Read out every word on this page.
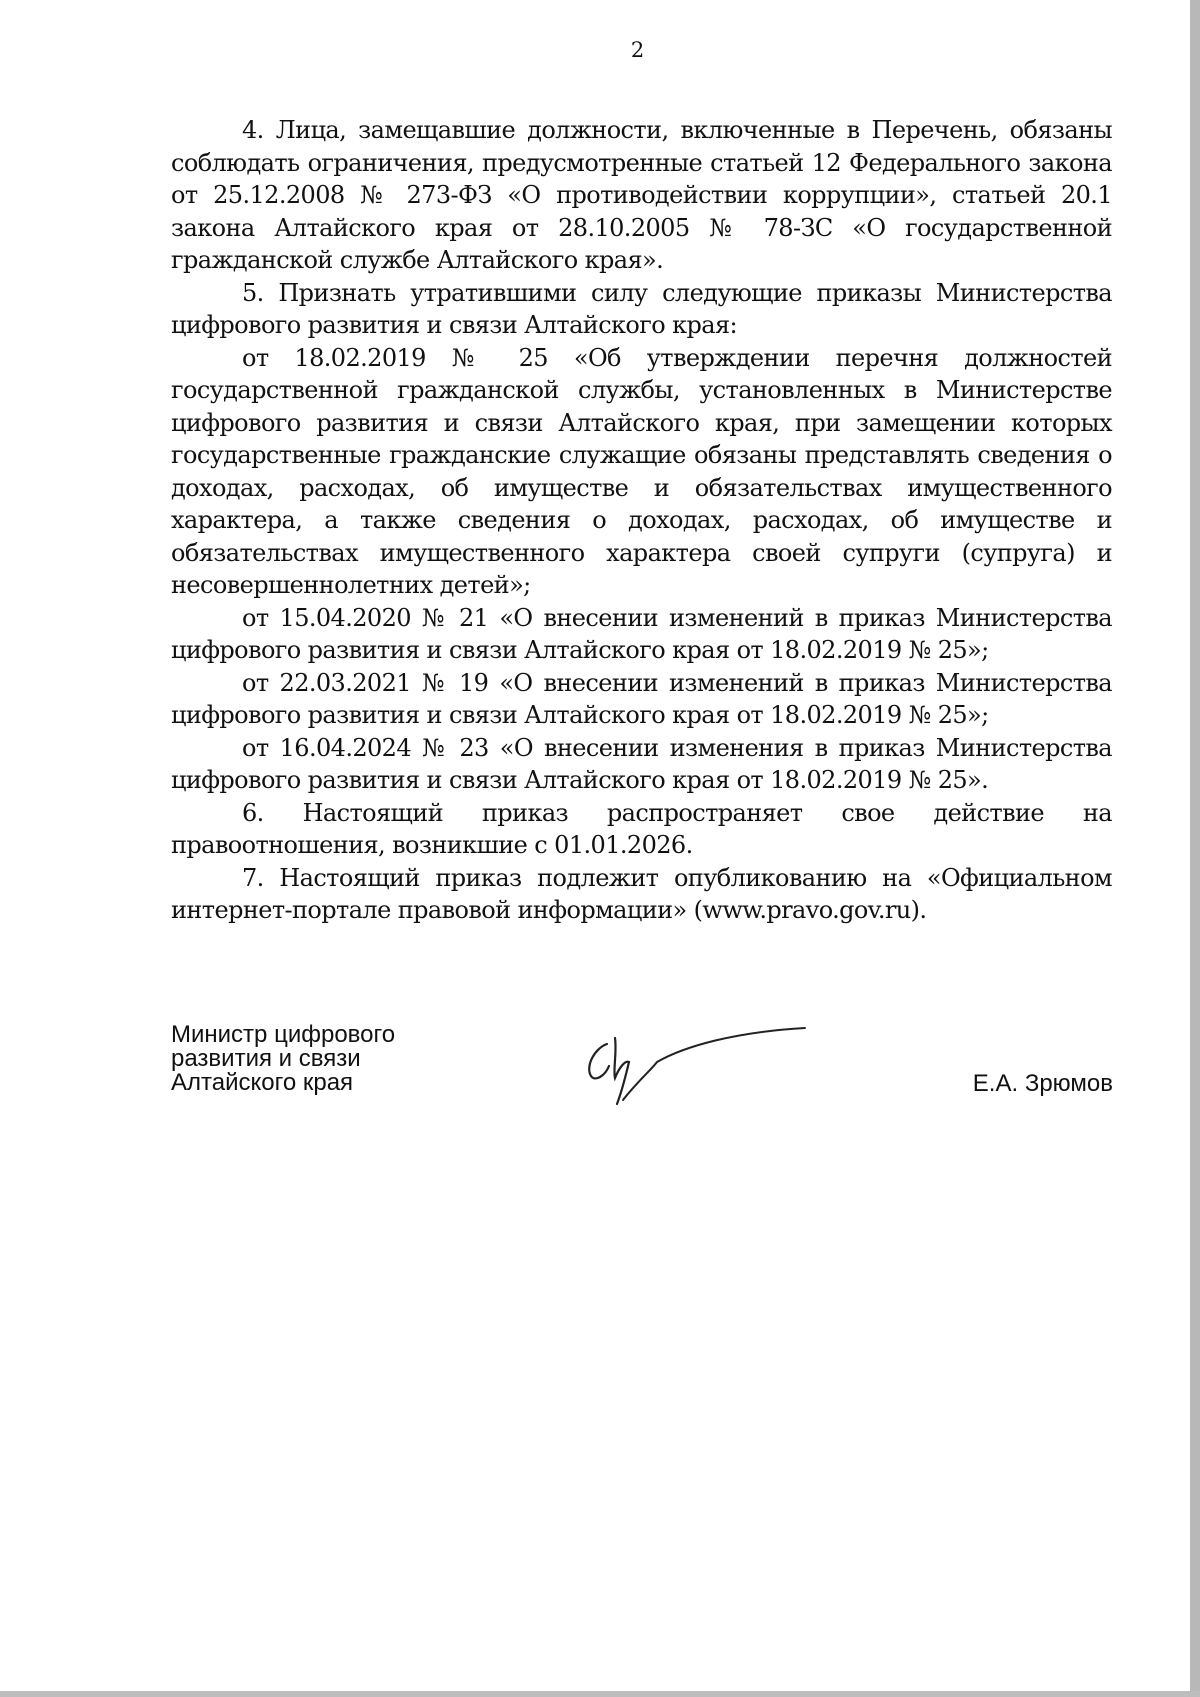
2

4. Лица, замещавшие должности, включенные в Перечень, обязаны соблюдать ограничения, предусмотренные статьей 12 Федерального закона от 25.12.2008 № 273-ФЗ «О противодействии коррупции», статьей 20.1 закона Алтайского края от 28.10.2005 № 78-ЗС «О государственной гражданской службе Алтайского края».

5. Признать утратившими силу следующие приказы Министерства цифрового развития и связи Алтайского края:

от 18.02.2019 № 25 «Об утверждении перечня должностей государственной гражданской службы, установленных в Министерстве цифрового развития и связи Алтайского края, при замещении которых государственные гражданские служащие обязаны представлять сведения о доходах, расходах, об имуществе и обязательствах имущественного характера, а также сведения о доходах, расходах, об имуществе и обязательствах имущественного характера своей супруги (супруга) и несовершеннолетних детей»;

от 15.04.2020 № 21 «О внесении изменений в приказ Министерства цифрового развития и связи Алтайского края от 18.02.2019 № 25»;

от 22.03.2021 № 19 «О внесении изменений в приказ Министерства цифрового развития и связи Алтайского края от 18.02.2019 № 25»;

от 16.04.2024 № 23 «О внесении изменения в приказ Министерства цифрового развития и связи Алтайского края от 18.02.2019 № 25».

6. Настоящий приказ распространяет свое действие на правоотношения, возникшие с 01.01.2026.

7. Настоящий приказ подлежит опубликованию на «Официальном интернет-портале правовой информации» (www.pravo.gov.ru).

Министр цифрового
развития и связи
Алтайского края	Е.А. Зрюмов
